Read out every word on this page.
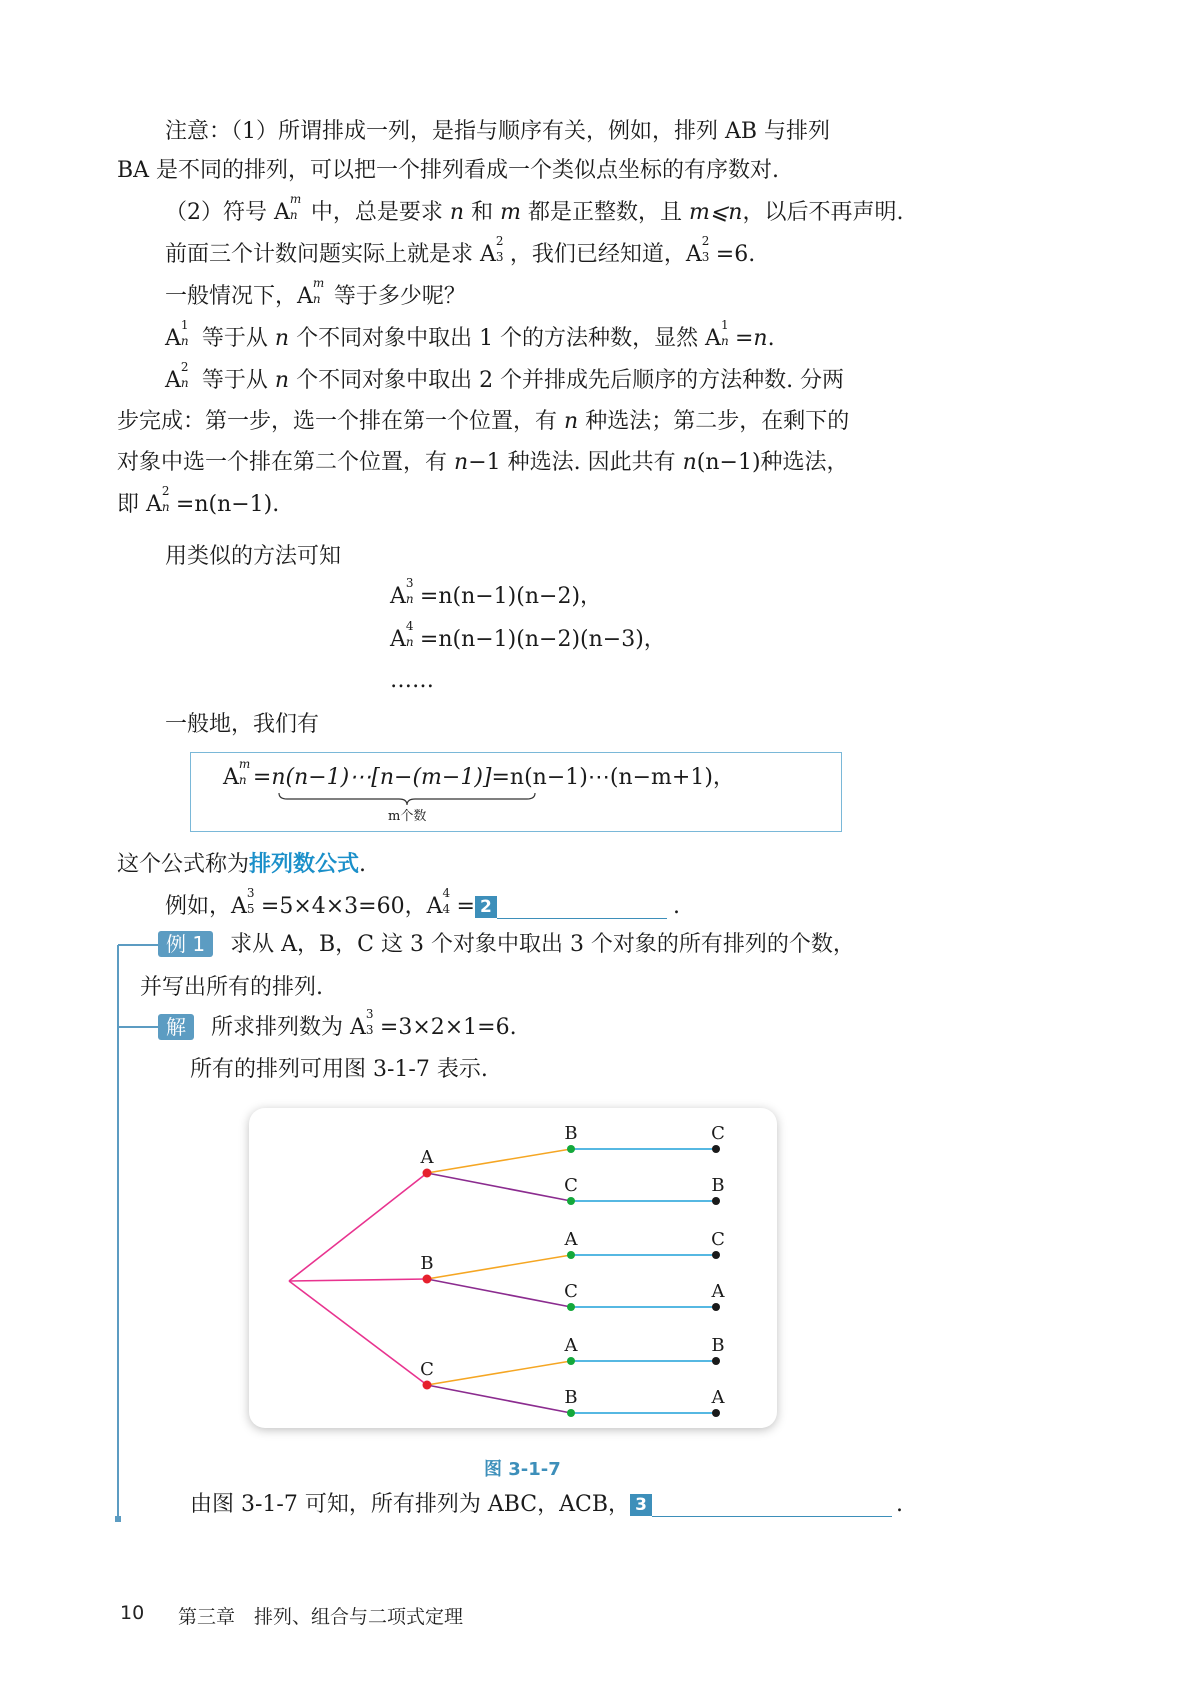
注意：（1）所谓排成一列，是指与顺序有关，例如，排列 AB 与排列
BA 是不同的排列，可以把一个排列看成一个类似点坐标的有序数对.
（2）符号 A
m
n 中，总是要求 n 和 m 都是正整数，且 m⩽n，以后不再声明.
前面三个计数问题实际上就是求 A
2
3 ，我们已经知道，A
2
3 =6.
一般情况下，A
m
n 等于多少呢？
A
1
n 等于从 n 个不同对象中取出 1 个的方法种数，显然 A
1
n =n.
A
2
n 等于从 n 个不同对象中取出 2 个并排成先后顺序的方法种数. 分两
步完成：第一步，选一个排在第一个位置，有 n 种选法；第二步，在剩下的
对象中选一个排在第二个位置，有 n−1 种选法. 因此共有 n(n−1)种选法，
即 A
2
n =n(n−1).
用类似的方法可知
A
3
n =n(n−1)(n−2)，
A
4
n =n(n−1)(n−2)(n−3)，
……
一般地，我们有
A
m
n =n(n−1)⋯[n−(m−1)]=n(n−1)⋯(n−m+1)，
m个数
这个公式称为排列数公式.
例如，A
3
5 =5×4×3=60，A
4
4 = 2	.
例 1 求从 A，B，C 这 3 个对象中取出 3 个对象的所有排列的个数，
并写出所有的排列.
解 所求排列数为 A
3
3 =3×2×1=6.
所有的排列可用图 3-1-7 表示.
B	C
C	B
A
A	C
C	A
B
A	B
B	A
C
图 3-1-7
由图 3-1-7 可知，所有排列为 ABC，ACB， 3	.
10 第三章　排列、组合与二项式定理
